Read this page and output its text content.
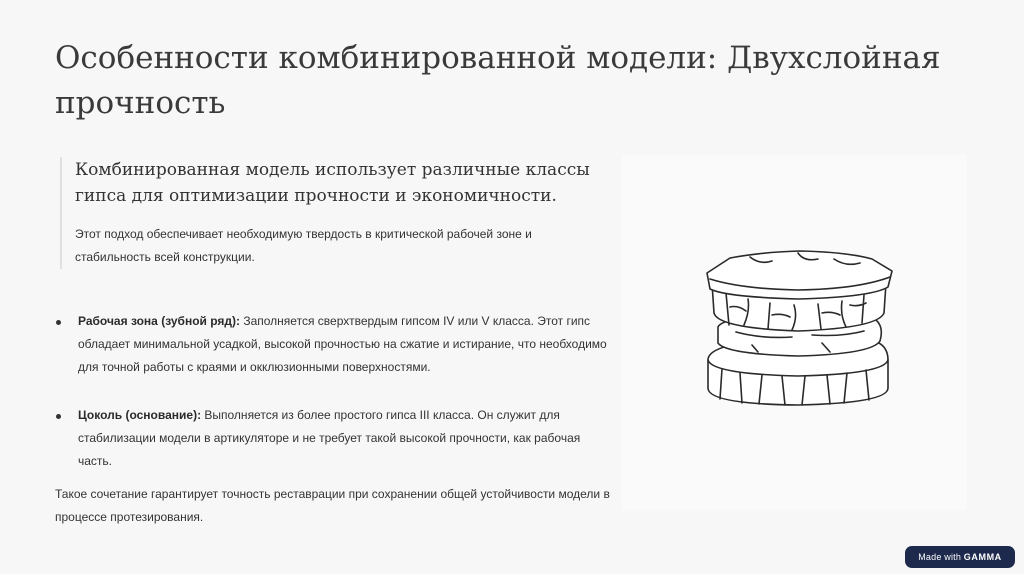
Особенности комбинированной модели: Двухслойная прочность

Комбинированная модель использует различные классы гипса для оптимизации прочности и экономичности.

Этот подход обеспечивает необходимую твердость в критической рабочей зоне и стабильность всей конструкции.

Рабочая зона (зубной ряд): Заполняется сверхтвердым гипсом IV или V класса. Этот гипс обладает минимальной усадкой, высокой прочностью на сжатие и истирание, что необходимо для точной работы с краями и окклюзионными поверхностями.
Цоколь (основание): Выполняется из более простого гипса III класса. Он служит для стабилизации модели в артикуляторе и не требует такой высокой прочности, как рабочая часть.

Такое сочетание гарантирует точность реставрации при сохранении общей устойчивости модели в процессе протезирования.

Made with GAMMA
